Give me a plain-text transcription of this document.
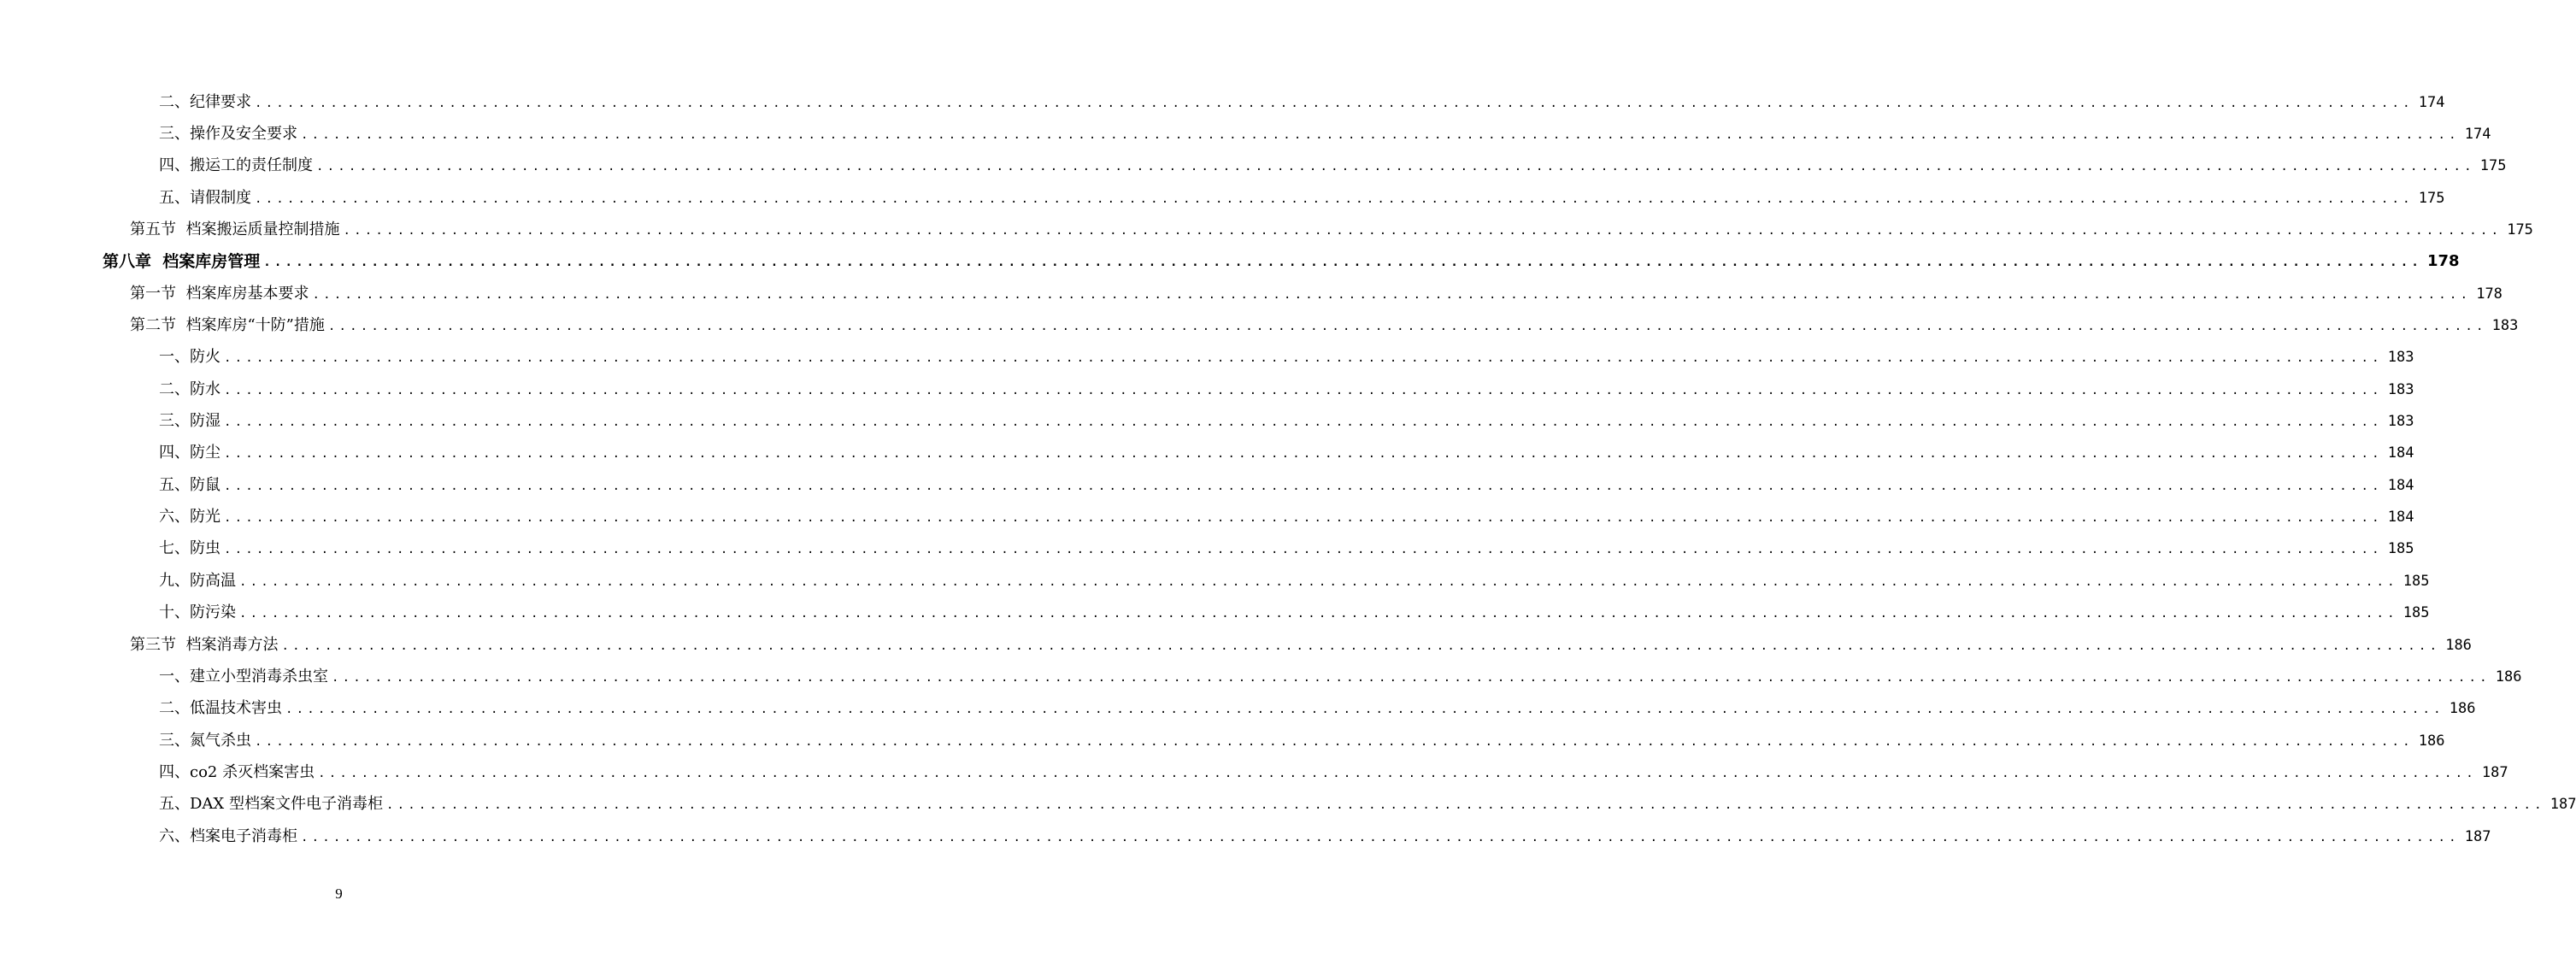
二、纪律要求 ........................................................................................................................................................................................................ 174
三、操作及安全要求 ........................................................................................................................................................................................................ 174
四、搬运工的责任制度 ........................................................................................................................................................................................................ 175
五、请假制度 ........................................................................................................................................................................................................ 175
第五节  档案搬运质量控制措施 ........................................................................................................................................................................................................ 175
第八章  档案库房管理 ........................................................................................................................................................................................................ 178
第一节  档案库房基本要求 ........................................................................................................................................................................................................ 178
第二节  档案库房“十防”措施 ........................................................................................................................................................................................................ 183
一、防火 ........................................................................................................................................................................................................ 183
二、防水 ........................................................................................................................................................................................................ 183
三、防湿 ........................................................................................................................................................................................................ 183
四、防尘 ........................................................................................................................................................................................................ 184
五、防鼠 ........................................................................................................................................................................................................ 184
六、防光 ........................................................................................................................................................................................................ 184
七、防虫 ........................................................................................................................................................................................................ 185
九、防高温 ........................................................................................................................................................................................................ 185
十、防污染 ........................................................................................................................................................................................................ 185
第三节  档案消毒方法 ........................................................................................................................................................................................................ 186
一、建立小型消毒杀虫室 ........................................................................................................................................................................................................ 186
二、低温技术害虫 ........................................................................................................................................................................................................ 186
三、氮气杀虫 ........................................................................................................................................................................................................ 186
四、co2 杀灭档案害虫 ........................................................................................................................................................................................................ 187
五、DAX 型档案文件电子消毒柜 ........................................................................................................................................................................................................ 187
六、档案电子消毒柜 ........................................................................................................................................................................................................ 187
9
